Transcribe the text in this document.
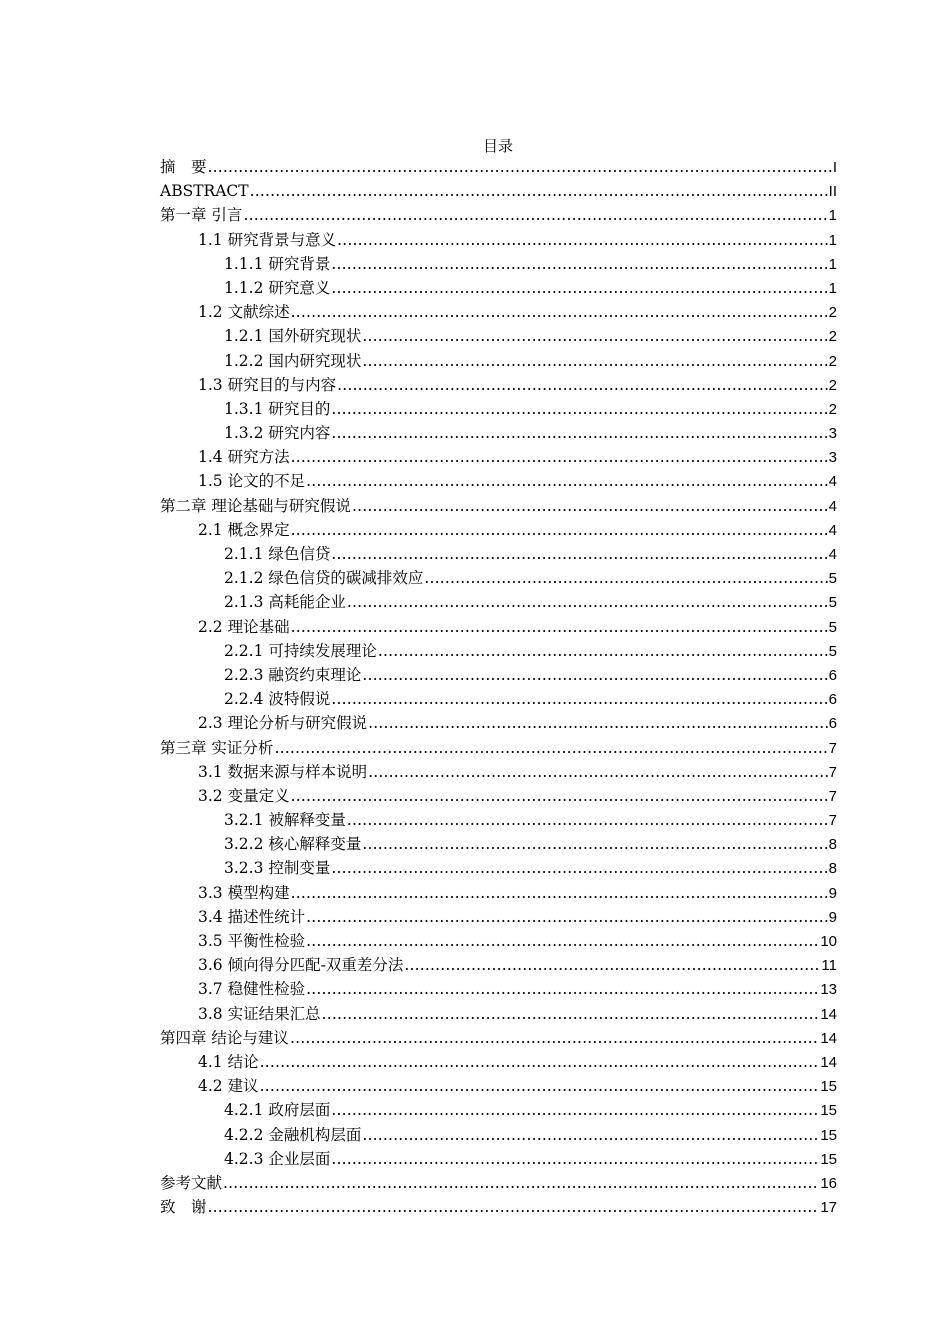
目录
摘　要 .....	I
ABSTRACT .....	II
第一章 引言 .....	1
1.1 研究背景与意义 .....	1
1.1.1 研究背景 .....	1
1.1.2 研究意义 .....	1
1.2 文献综述 .....	2
1.2.1 国外研究现状 .....	2
1.2.2 国内研究现状 .....	2
1.3 研究目的与内容 .....	2
1.3.1 研究目的 .....	2
1.3.2 研究内容 .....	3
1.4 研究方法 .....	3
1.5 论文的不足 .....	4
第二章 理论基础与研究假说 .....	4
2.1 概念界定 .....	4
2.1.1 绿色信贷 .....	4
2.1.2 绿色信贷的碳减排效应 .....	5
2.1.3 高耗能企业 .....	5
2.2 理论基础 .....	5
2.2.1 可持续发展理论 .....	5
2.2.3 融资约束理论 .....	6
2.2.4 波特假说 .....	6
2.3 理论分析与研究假说 .....	6
第三章 实证分析 .....	7
3.1 数据来源与样本说明 .....	7
3.2 变量定义 .....	7
3.2.1 被解释变量 .....	7
3.2.2 核心解释变量 .....	8
3.2.3 控制变量 .....	8
3.3 模型构建 .....	9
3.4 描述性统计 .....	9
3.5 平衡性检验 .....	10
3.6 倾向得分匹配-双重差分法 .....	11
3.7 稳健性检验 .....	13
3.8 实证结果汇总 .....	14
第四章 结论与建议 .....	14
4.1 结论 .....	14
4.2 建议 .....	15
4.2.1 政府层面 .....	15
4.2.2 金融机构层面 .....	15
4.2.3 企业层面 .....	15
参考文献 .....	16
致　谢 .....	17
